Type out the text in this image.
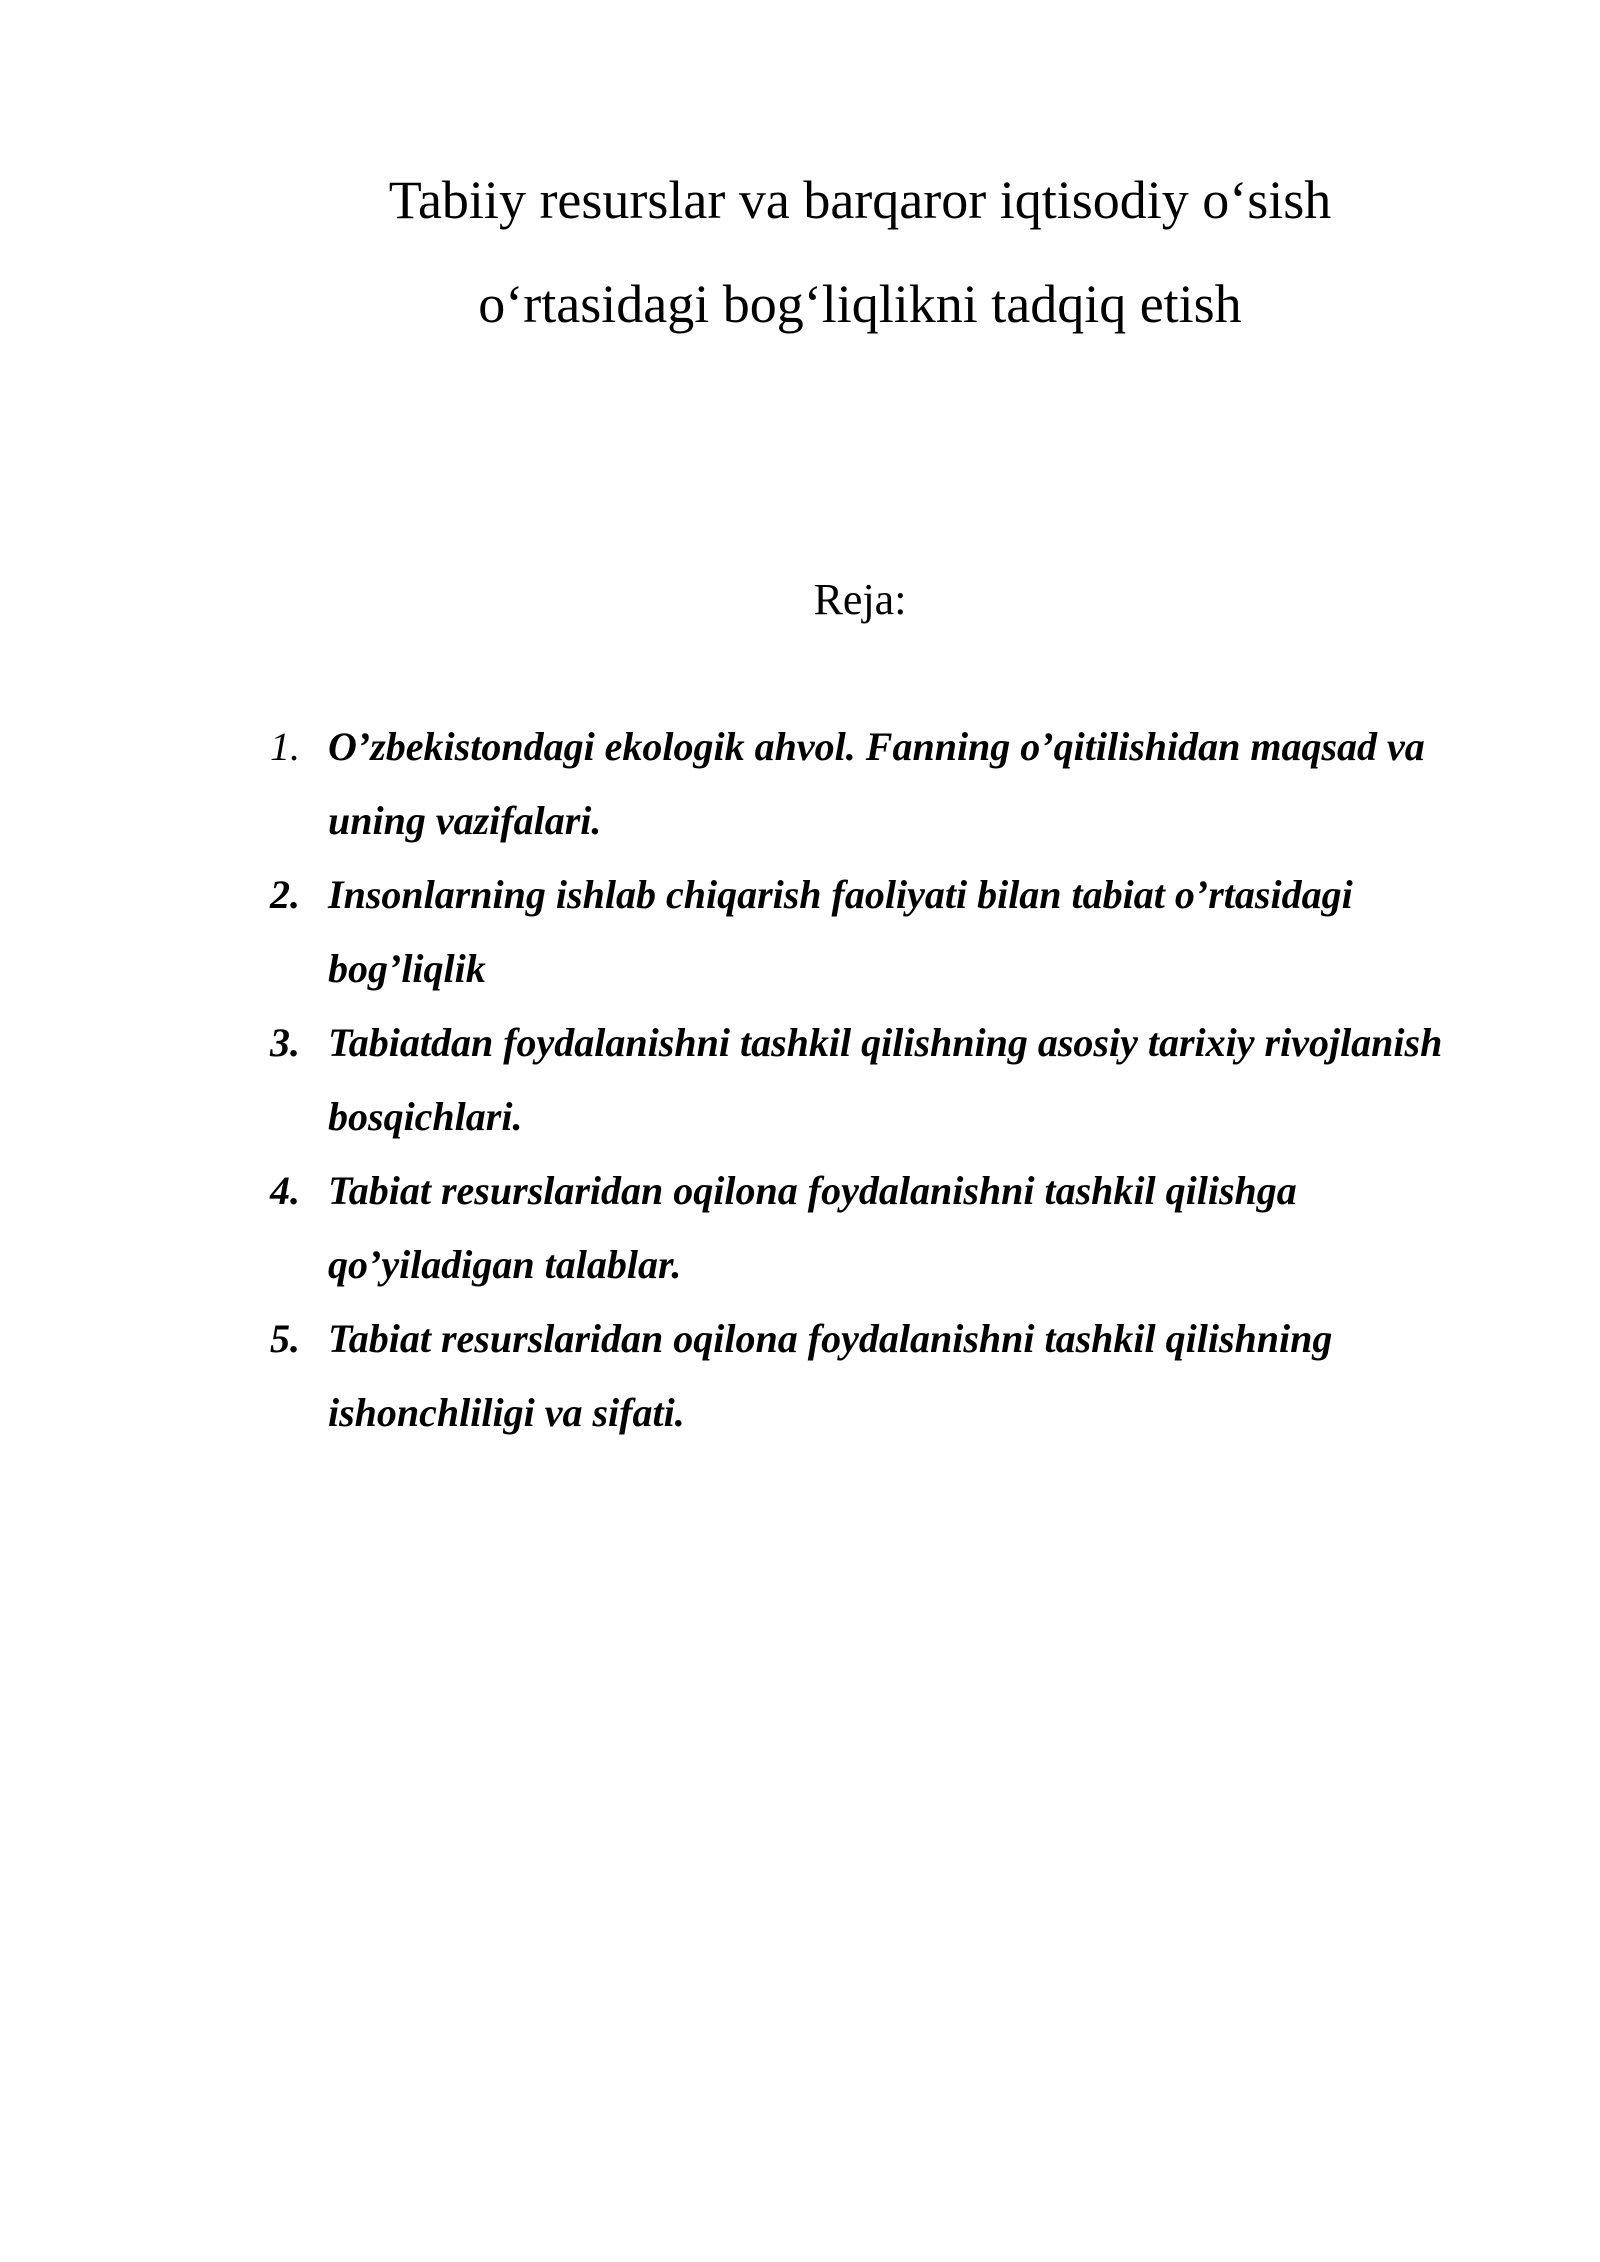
Tabiiy resurslar va barqaror iqtisodiy o‘sish
o‘rtasidagi bog‘liqlikni tadqiq etish
Reja:
1. O’zbekistondagi ekologik ahvol. Fanning o’qitilishidan maqsad va uning vazifalari.
2. Insonlarning ishlab chiqarish faoliyati bilan tabiat o’rtasidagi bog’liqlik
3. Tabiatdan foydalanishni tashkil qilishning asosiy tarixiy rivojlanish bosqichlari.
4. Tabiat resurslaridan oqilona foydalanishni tashkil qilishga qo’yiladigan talablar.
5. Tabiat resurslaridan oqilona foydalanishni tashkil qilishning ishonchliligi va sifati.
